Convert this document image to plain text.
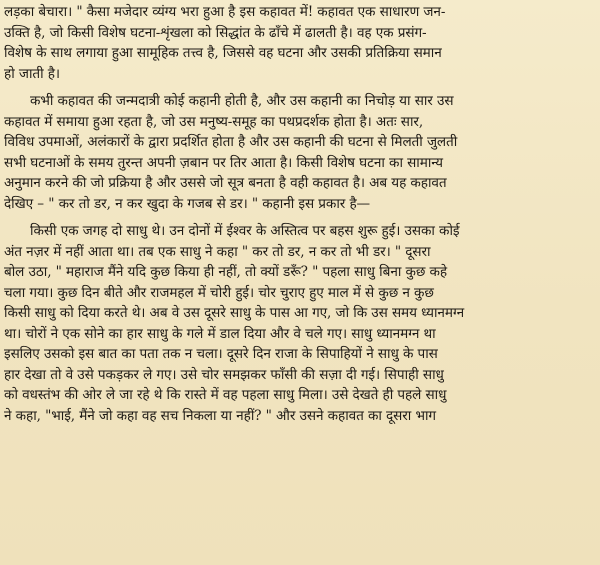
लड़का बेचारा। " कैसा मजेदार व्यंग्य भरा हुआ है इस कहावत में! कहावत एक साधारण जन-
उक्ति है, जो किसी विशेष घटना-शृंखला को सिद्धांत के ढाँचे में ढालती है। वह एक प्रसंग-
विशेष के साथ लगाया हुआ सामूहिक तत्त्व है, जिससे वह घटना और उसकी प्रतिक्रिया समान
हो जाती है।
कभी कहावत की जन्मदात्री कोई कहानी होती है, और उस कहानी का निचोड़ या सार उस
कहावत में समाया हुआ रहता है, जो उस मनुष्य-समूह का पथप्रदर्शक होता है। अतः सार,
विविध उपमाओं, अलंकारों के द्वारा प्रदर्शित होता है और उस कहानी की घटना से मिलती जुलती
सभी घटनाओं के समय तुरन्त अपनी ज़बान पर तिर आता है। किसी विशेष घटना का सामान्य
अनुमान करने की जो प्रक्रिया है और उससे जो सूत्र बनता है वही कहावत है। अब यह कहावत
देखिए – " कर तो डर, न कर खुदा के गजब से डर। " कहानी इस प्रकार है—
किसी एक जगह दो साधु थे। उन दोनों में ईश्वर के अस्तित्व पर बहस शुरू हुई। उसका कोई
अंत नज़र में नहीं आता था। तब एक साधु ने कहा " कर तो डर, न कर तो भी डर। " दूसरा
बोल उठा, " महाराज मैंने यदि कुछ किया ही नहीं, तो क्यों डरूँ? " पहला साधु बिना कुछ कहे
चला गया। कुछ दिन बीते और राजमहल में चोरी हुई। चोर चुराए हुए माल में से कुछ न कुछ
किसी साधु को दिया करते थे। अब वे उस दूसरे साधु के पास आ गए, जो कि उस समय ध्यानमग्न
था। चोरों ने एक सोने का हार साधु के गले में डाल दिया और वे चले गए। साधु ध्यानमग्न था
इसलिए उसको इस बात का पता तक न चला। दूसरे दिन राजा के सिपाहियों ने साधु के पास
हार देखा तो वे उसे पकड़कर ले गए। उसे चोर समझकर फाँसी की सज़ा दी गई। सिपाही साधु
को वधस्तंभ की ओर ले जा रहे थे कि रास्ते में वह पहला साधु मिला। उसे देखते ही पहले साधु
ने कहा, "भाई, मैंने जो कहा वह सच निकला या नहीं? " और उसने कहावत का दूसरा भाग
